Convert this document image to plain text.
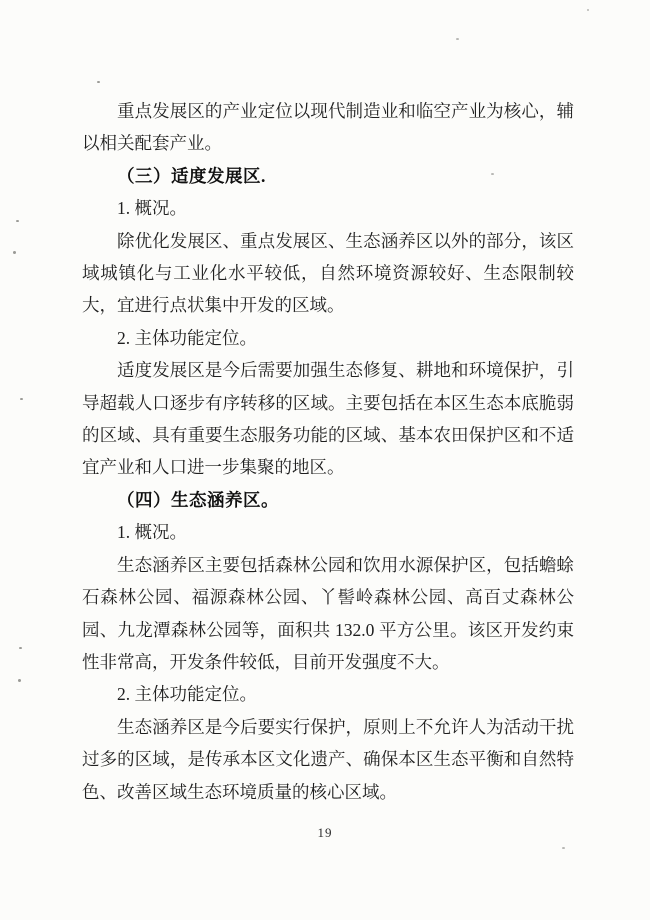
重点发展区的产业定位以现代制造业和临空产业为核心，辅以相关配套产业。

（三）适度发展区.

1. 概况。

除优化发展区、重点发展区、生态涵养区以外的部分，该区域城镇化与工业化水平较低，自然环境资源较好、生态限制较大，宜进行点状集中开发的区域。

2. 主体功能定位。

适度发展区是今后需要加强生态修复、耕地和环境保护，引导超载人口逐步有序转移的区域。主要包括在本区生态本底脆弱的区域、具有重要生态服务功能的区域、基本农田保护区和不适宜产业和人口进一步集聚的地区。

（四）生态涵养区。

1. 概况。

生态涵养区主要包括森林公园和饮用水源保护区，包括蟾蜍石森林公园、福源森林公园、丫髻岭森林公园、高百丈森林公园、九龙潭森林公园等，面积共 132.0 平方公里。该区开发约束性非常高，开发条件较低，目前开发强度不大。

2. 主体功能定位。

生态涵养区是今后要实行保护，原则上不允许人为活动干扰过多的区域，是传承本区文化遗产、确保本区生态平衡和自然特色、改善区域生态环境质量的核心区域。

19
